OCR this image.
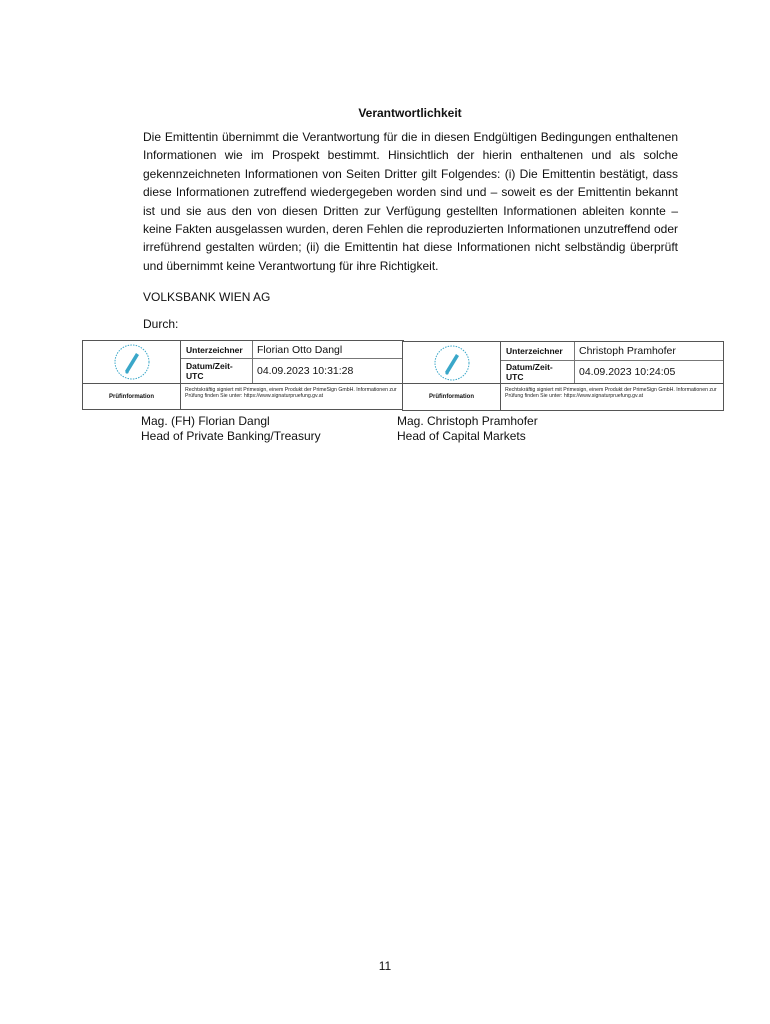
Verantwortlichkeit
Die Emittentin übernimmt die Verantwortung für die in diesen Endgültigen Bedingungen enthaltenen Informationen wie im Prospekt bestimmt. Hinsichtlich der hierin enthaltenen und als solche gekennzeichneten Informationen von Seiten Dritter gilt Folgendes: (i) Die Emittentin bestätigt, dass diese Informationen zutreffend wiedergegeben worden sind und – soweit es der Emittentin bekannt ist und sie aus den von diesen Dritten zur Verfügung gestellten Informationen ableiten konnte – keine Fakten ausgelassen wurden, deren Fehlen die reproduzierten Informationen unzutreffend oder irreführend gestalten würden; (ii) die Emittentin hat diese Informationen nicht selbständig überprüft und übernimmt keine Verantwortung für ihre Richtigkeit.
VOLKSBANK WIEN AG
Durch:
Unterzeichner	Florian Otto Dangl
Datum/Zeit-UTC	04.09.2023 10:31:28
Prüfinformation
Rechtskräftig signiert mit Primesign, einem Produkt der PrimeSign GmbH. Informationen zur Prüfung finden Sie unter: https://www.signaturpruefung.gv.at
Unterzeichner	Christoph Pramhofer
Datum/Zeit-UTC	04.09.2023 10:24:05
Prüfinformation
Rechtskräftig signiert mit Primesign, einem Produkt der PrimeSign GmbH. Informationen zur Prüfung finden Sie unter: https://www.signaturpruefung.gv.at
Mag. (FH) Florian Dangl
Head of Private Banking/Treasury
Mag. Christoph Pramhofer
Head of Capital Markets
11
